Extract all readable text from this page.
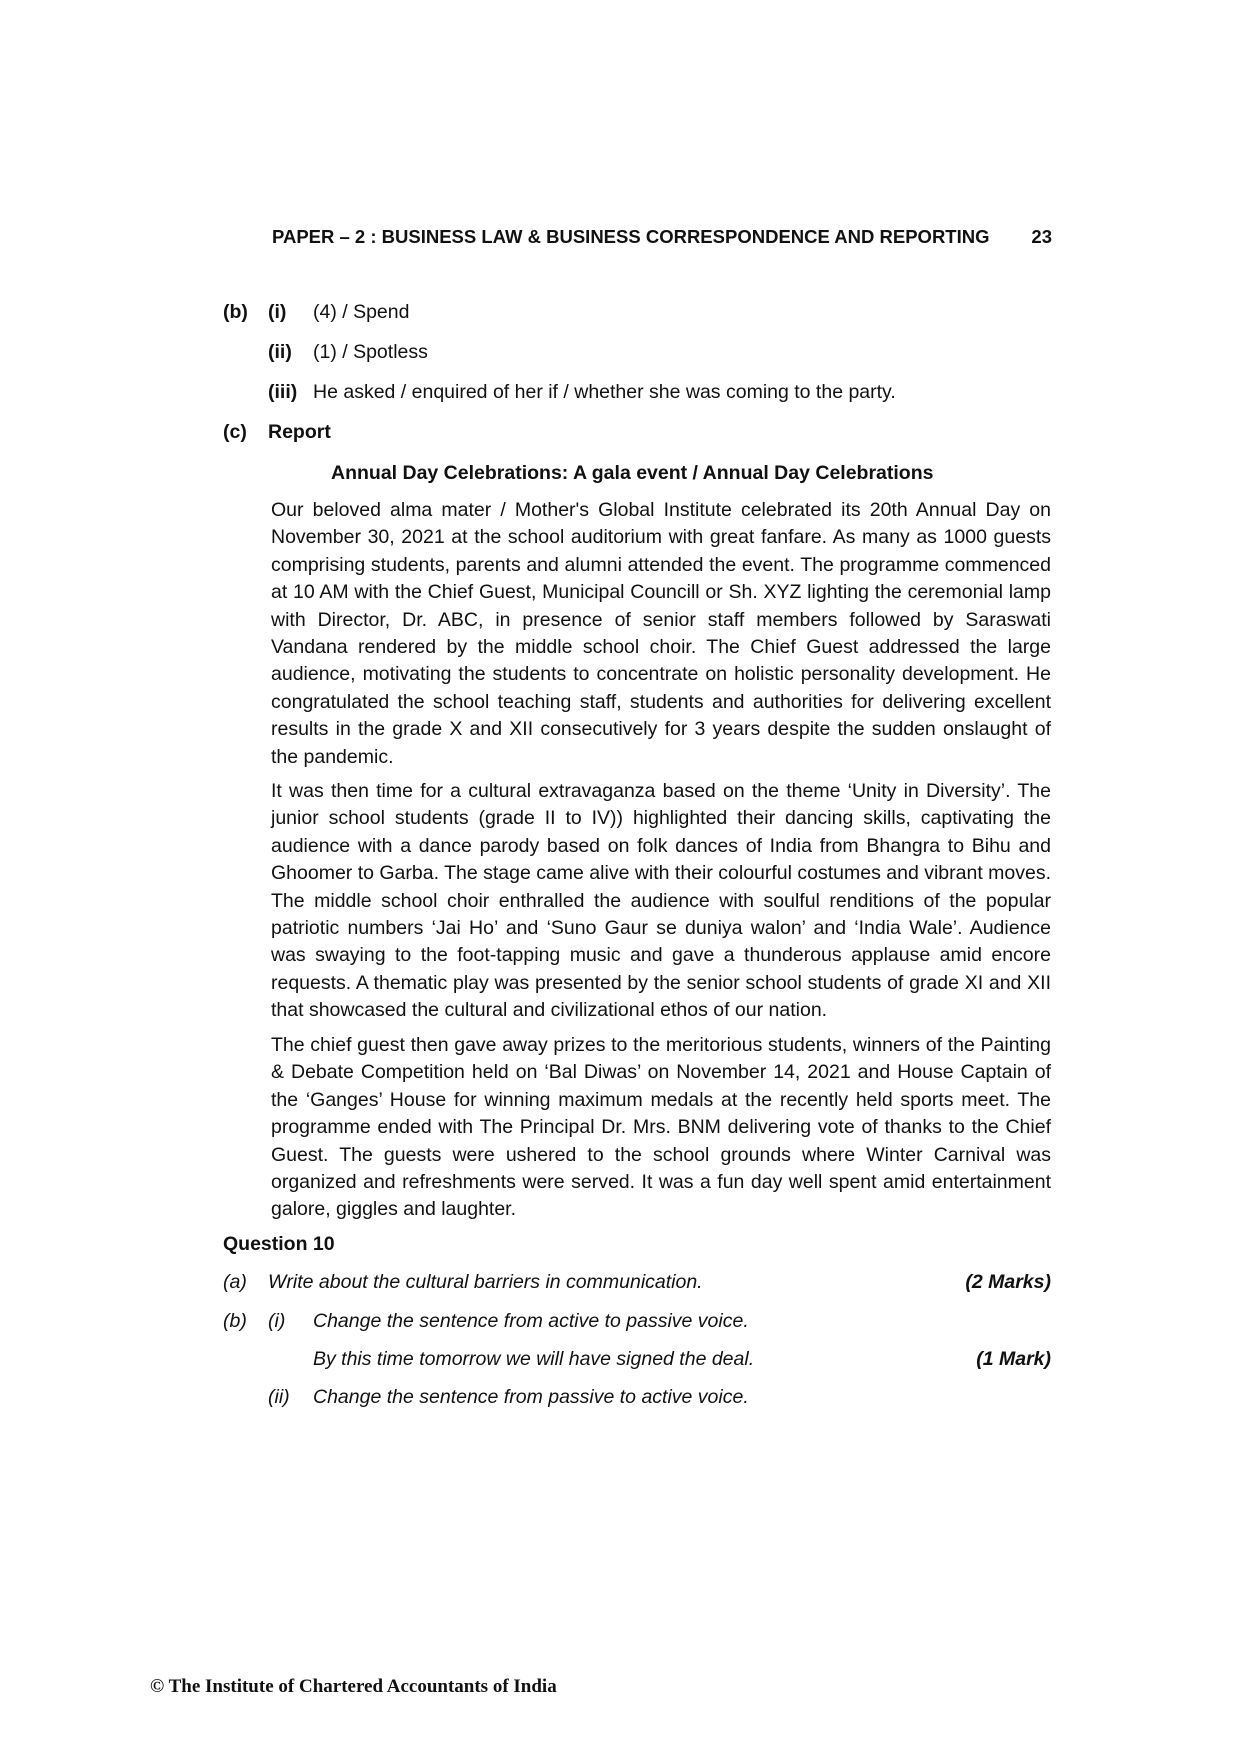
PAPER – 2 : BUSINESS LAW & BUSINESS CORRESPONDENCE AND REPORTING 23
(b)	(i)	(4) / Spend
(ii)	(1) / Spotless
(iii) He asked / enquired of her if / whether she was coming to the party.
(c)	Report
Annual Day Celebrations: A gala event / Annual Day Celebrations

Our beloved alma mater / Mother's Global Institute celebrated its 20th Annual Day on November 30, 2021 at the school auditorium with great fanfare. As many as 1000 guests comprising students, parents and alumni attended the event. The programme commenced at 10 AM with the Chief Guest, Municipal Councill or Sh. XYZ lighting the ceremonial lamp with Director, Dr. ABC, in presence of senior staff members followed by Saraswati Vandana rendered by the middle school choir. The Chief Guest addressed the large audience, motivating the students to concentrate on holistic personality development. He congratulated the school teaching staff, students and authorities for delivering excellent results in the grade X and XII consecutively for 3 years despite the sudden onslaught of the pandemic.

It was then time for a cultural extravaganza based on the theme ‘Unity in Diversity’. The junior school students (grade II to IV)) highlighted their dancing skills, captivating the audience with a dance parody based on folk dances of India from Bhangra to Bihu and Ghoomer to Garba. The stage came alive with their colourful costumes and vibrant moves. The middle school choir enthralled the audience with soulful renditions of the popular patriotic numbers ‘Jai Ho’ and ‘Suno Gaur se duniya walon’ and ‘India Wale’. Audience was swaying to the foot-tapping music and gave a thunderous applause amid encore requests. A thematic play was presented by the senior school students of grade XI and XII that showcased the cultural and civilizational ethos of our nation.

The chief guest then gave away prizes to the meritorious students, winners of the Painting & Debate Competition held on ‘Bal Diwas’ on November 14, 2021 and House Captain of the ‘Ganges’ House for winning maximum medals at the recently held sports meet. The programme ended with The Principal Dr. Mrs. BNM delivering vote of thanks to the Chief Guest. The guests were ushered to the school grounds where Winter Carnival was organized and refreshments were served. It was a fun day well spent amid entertainment galore, giggles and laughter.

Question 10
(a)	Write about the cultural barriers in communication.	(2 Marks)
(b)	(i)	Change the sentence from active to passive voice.
By this time tomorrow we will have signed the deal.	(1 Mark)
(ii)	Change the sentence from passive to active voice.
© The Institute of Chartered Accountants of India
